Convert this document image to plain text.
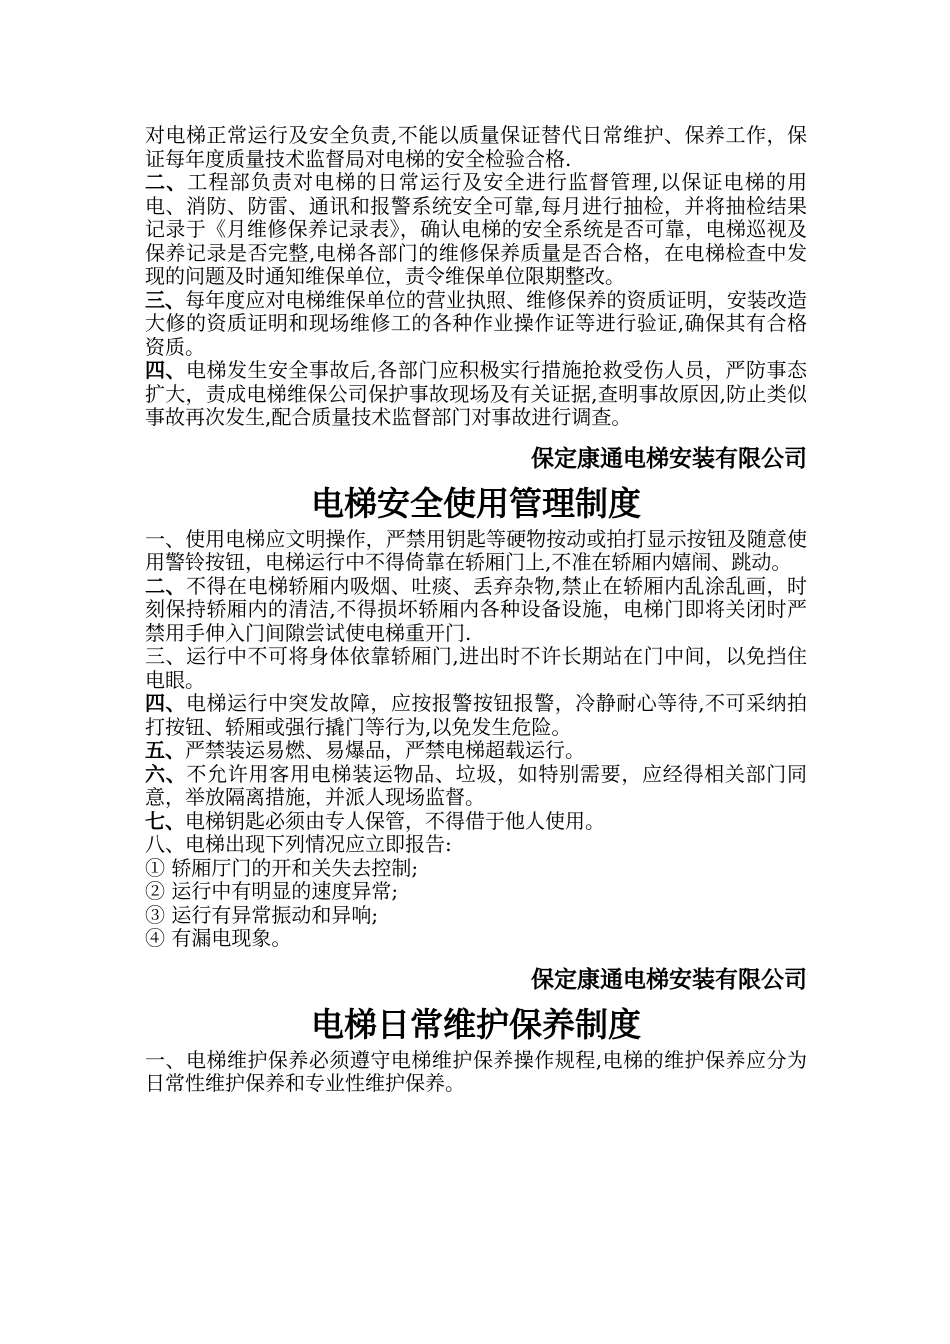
对电梯正常运行及安全负责,不能以质量保证替代日常维护、保养工作，保证每年度质量技术监督局对电梯的安全检验合格.

二、工程部负责对电梯的日常运行及安全进行监督管理,以保证电梯的用电、消防、防雷、通讯和报警系统安全可靠,每月进行抽检，并将抽检结果记录于《月维修保养记录表》，确认电梯的安全系统是否可靠，电梯巡视及保养记录是否完整,电梯各部门的维修保养质量是否合格，在电梯检查中发现的问题及时通知维保单位，责令维保单位限期整改。

三、每年度应对电梯维保单位的营业执照、维修保养的资质证明，安装改造大修的资质证明和现场维修工的各种作业操作证等进行验证,确保其有合格资质。

四、电梯发生安全事故后,各部门应积极实行措施抢救受伤人员，严防事态扩大，责成电梯维保公司保护事故现场及有关证据,查明事故原因,防止类似事故再次发生,配合质量技术监督部门对事故进行调查。

保定康通电梯安装有限公司
电梯安全使用管理制度

一、使用电梯应文明操作，严禁用钥匙等硬物按动或拍打显示按钮及随意使用警铃按钮，电梯运行中不得倚靠在轿厢门上,不准在轿厢内嬉闹、跳动。

二、不得在电梯轿厢内吸烟、吐痰、丢弃杂物,禁止在轿厢内乱涂乱画，时刻保持轿厢内的清洁,不得损坏轿厢内各种设备设施，电梯门即将关闭时严禁用手伸入门间隙尝试使电梯重开门.

三、运行中不可将身体依靠轿厢门,进出时不许长期站在门中间，以免挡住电眼。

四、电梯运行中突发故障，应按报警按钮报警，冷静耐心等待,不可采纳拍打按钮、轿厢或强行撬门等行为,以免发生危险。

五、严禁装运易燃、易爆品，严禁电梯超载运行。

六、不允许用客用电梯装运物品、垃圾，如特别需要，应经得相关部门同意，举放隔离措施，并派人现场监督。

七、电梯钥匙必须由专人保管，不得借于他人使用。

八、电梯出现下列情况应立即报告:

① 轿厢厅门的开和关失去控制;

② 运行中有明显的速度异常;

③ 运行有异常振动和异响;

④ 有漏电现象。

保定康通电梯安装有限公司
电梯日常维护保养制度

一、电梯维护保养必须遵守电梯维护保养操作规程,电梯的维护保养应分为日常性维护保养和专业性维护保养。
